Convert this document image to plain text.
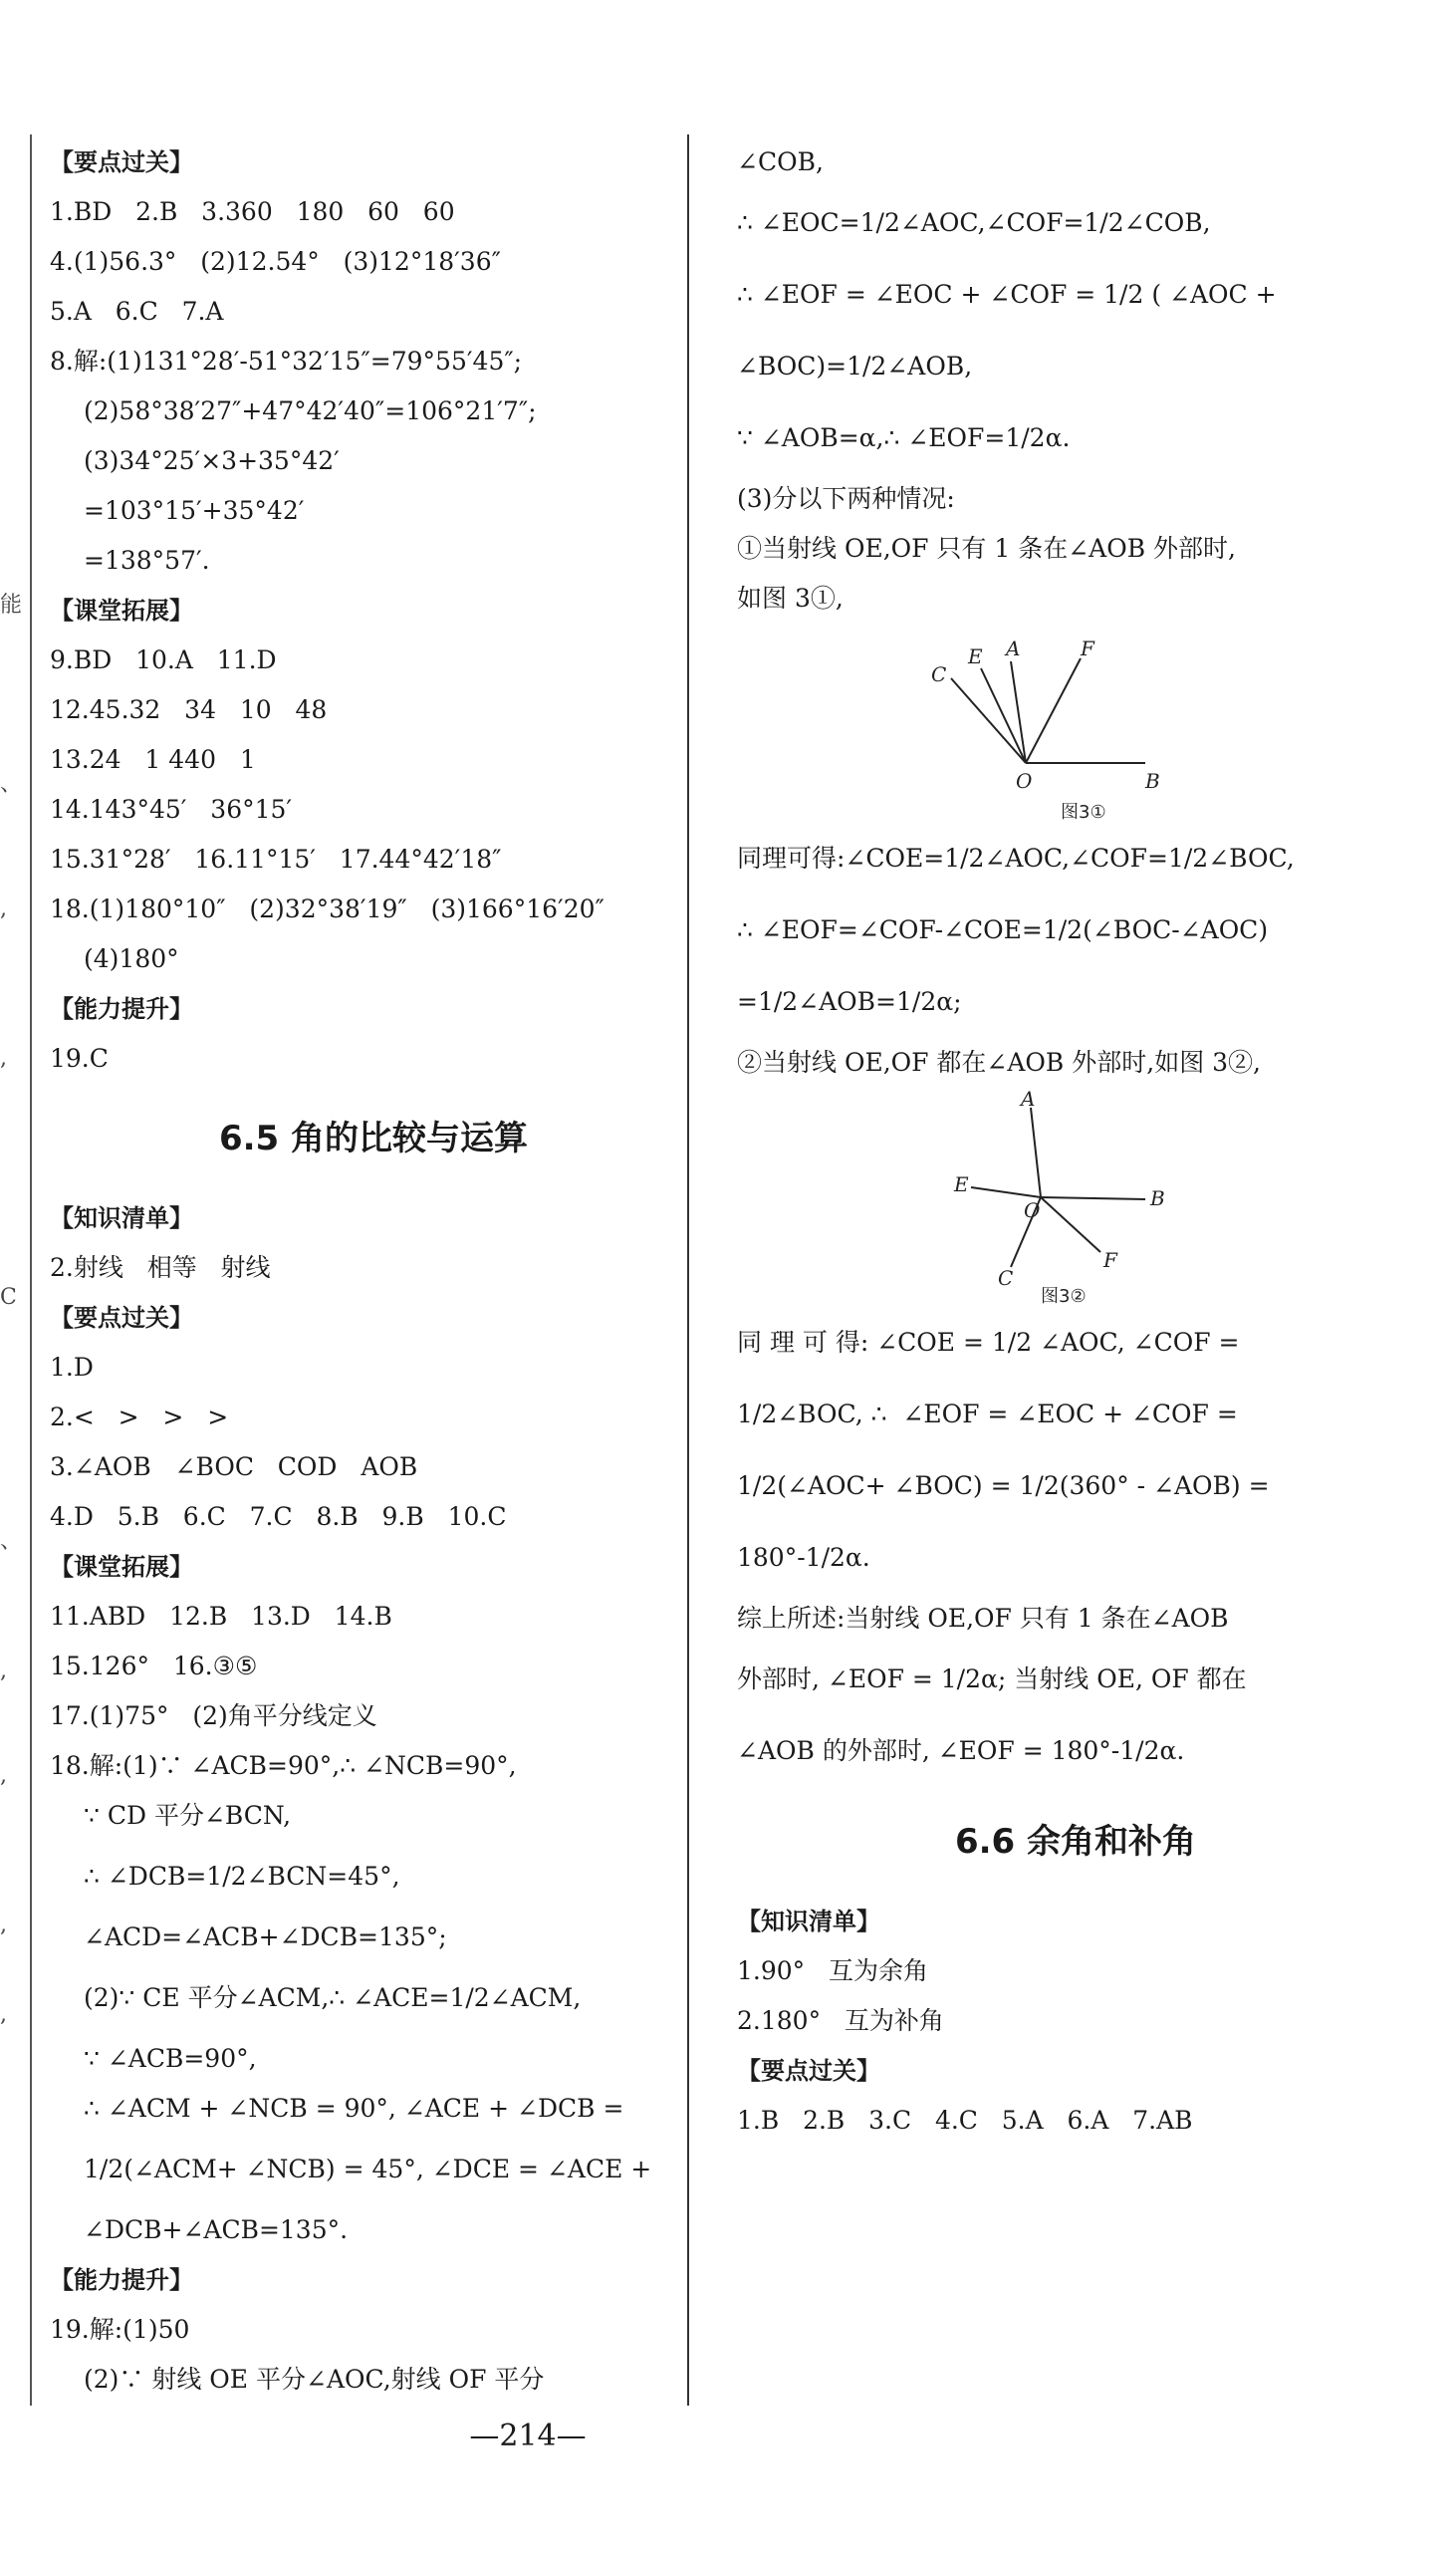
能
、
,
,
C
、
,
,
,
,
【要点过关】
1.BD   2.B   3.360   180   60   60
4.(1)56.3°   (2)12.54°   (3)12°18′36″
5.A   6.C   7.A
8.解:(1)131°28′-51°32′15″=79°55′45″;
(2)58°38′27″+47°42′40″=106°21′7″;
(3)34°25′×3+35°42′
=103°15′+35°42′
=138°57′.
【课堂拓展】
9.BD   10.A   11.D
12.45.32   34   10   48
13.24   1 440   1
14.143°45′   36°15′
15.31°28′   16.11°15′   17.44°42′18″
18.(1)180°10″   (2)32°38′19″   (3)166°16′20″
(4)180°
【能力提升】
19.C
6.5 角的比较与运算
【知识清单】
2.射线   相等   射线
【要点过关】
1.D
2.<   >   >   >
3.∠AOB   ∠BOC   COD   AOB
4.D   5.B   6.C   7.C   8.B   9.B   10.C
【课堂拓展】
11.ABD   12.B   13.D   14.B
15.126°   16.③⑤
17.(1)75°   (2)角平分线定义
18.解:(1)∵ ∠ACB=90°,∴ ∠NCB=90°,
∵ CD 平分∠BCN,
∴ ∠DCB=1/2∠BCN=45°,
∠ACD=∠ACB+∠DCB=135°;
(2)∵ CE 平分∠ACM,∴ ∠ACE=1/2∠ACM,
∵ ∠ACB=90°,
∴ ∠ACM + ∠NCB = 90°, ∠ACE + ∠DCB =
1/2(∠ACM+ ∠NCB) = 45°, ∠DCE = ∠ACE +
∠DCB+∠ACB=135°.
【能力提升】
19.解:(1)50
(2)∵ 射线 OE 平分∠AOC,射线 OF 平分
∠COB,
∴ ∠EOC=1/2∠AOC,∠COF=1/2∠COB,
∴ ∠EOF = ∠EOC + ∠COF = 1/2 ( ∠AOC +
∠BOC)=1/2∠AOB,
∵ ∠AOB=α,∴ ∠EOF=1/2α.
(3)分以下两种情况:
①当射线 OE,OF 只有 1 条在∠AOB 外部时,
如图 3①,
C
E A	F
O	B
图3①
同理可得:∠COE=1/2∠AOC,∠COF=1/2∠BOC,
∴ ∠EOF=∠COF-∠COE=1/2(∠BOC-∠AOC)
=1/2∠AOB=1/2α;
②当射线 OE,OF 都在∠AOB 外部时,如图 3②,
A
E
O	B
C
F
图3②
同 理 可 得: ∠COE = 1/2 ∠AOC, ∠COF =
1/2∠BOC, ∴  ∠EOF = ∠EOC + ∠COF =
1/2(∠AOC+ ∠BOC) = 1/2(360° - ∠AOB) =
180°-1/2α.
综上所述:当射线 OE,OF 只有 1 条在∠AOB
外部时, ∠EOF = 1/2α; 当射线 OE, OF 都在
∠AOB 的外部时, ∠EOF = 180°-1/2α.
6.6 余角和补角
【知识清单】
1.90°   互为余角
2.180°   互为补角
【要点过关】
1.B   2.B   3.C   4.C   5.A   6.A   7.AB
—214—
